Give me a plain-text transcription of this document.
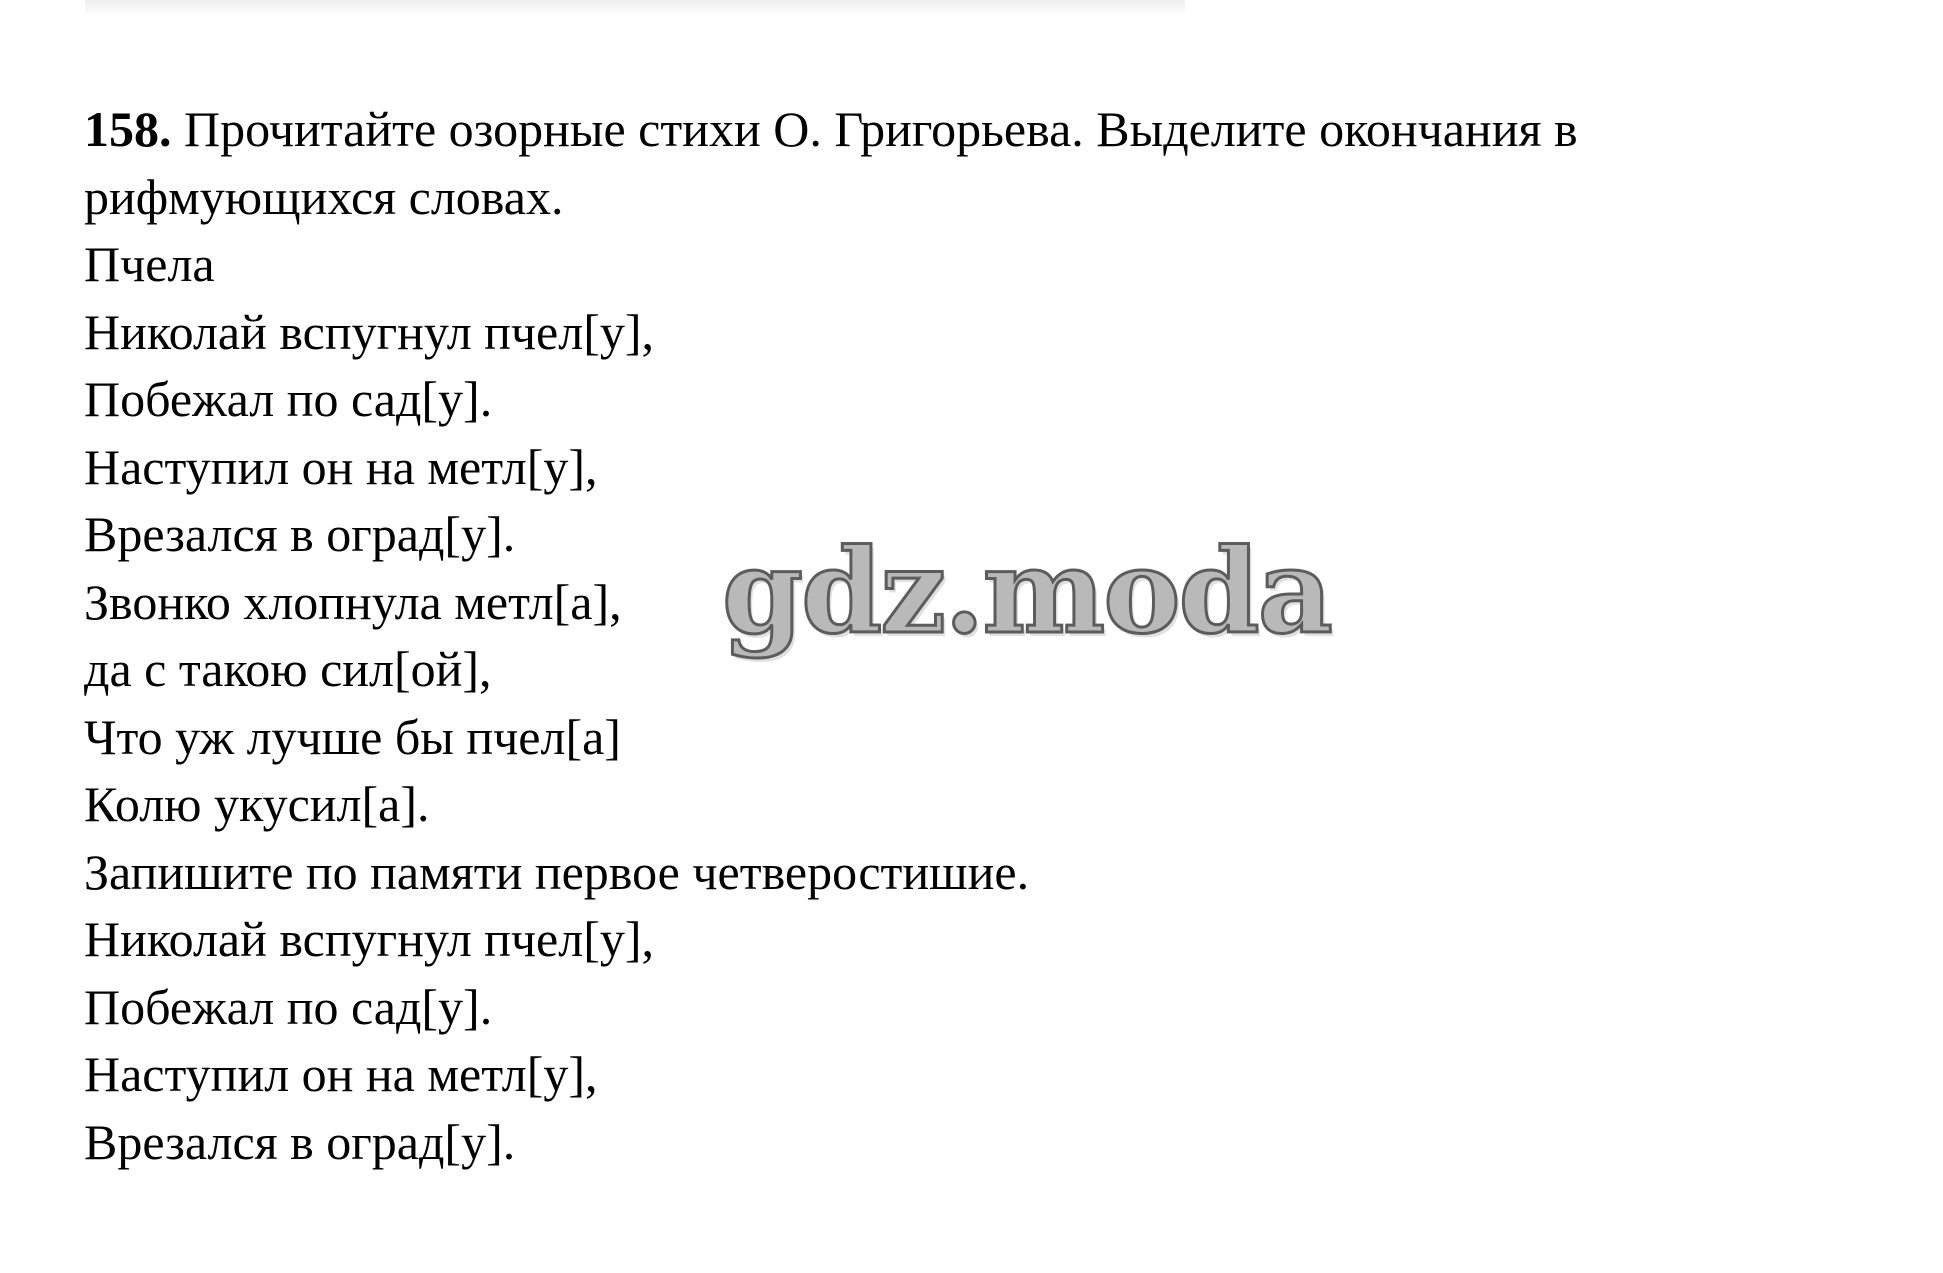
158. Прочитайте озорные стихи О. Григорьева. Выделите окончания в
рифмующихся словах.
Пчела
Николай вспугнул пчел[у],
Побежал по сад[у].
Наступил он на метл[у],
Врезался в оград[у].
Звонко хлопнула метл[а],
да с такою сил[ой],
Что уж лучше бы пчел[а]
Колю укусил[а].
Запишите по памяти первое четверостишие.
Николай вспугнул пчел[у],
Побежал по сад[у].
Наступил он на метл[у],
Врезался в оград[у].
gdz.moda
